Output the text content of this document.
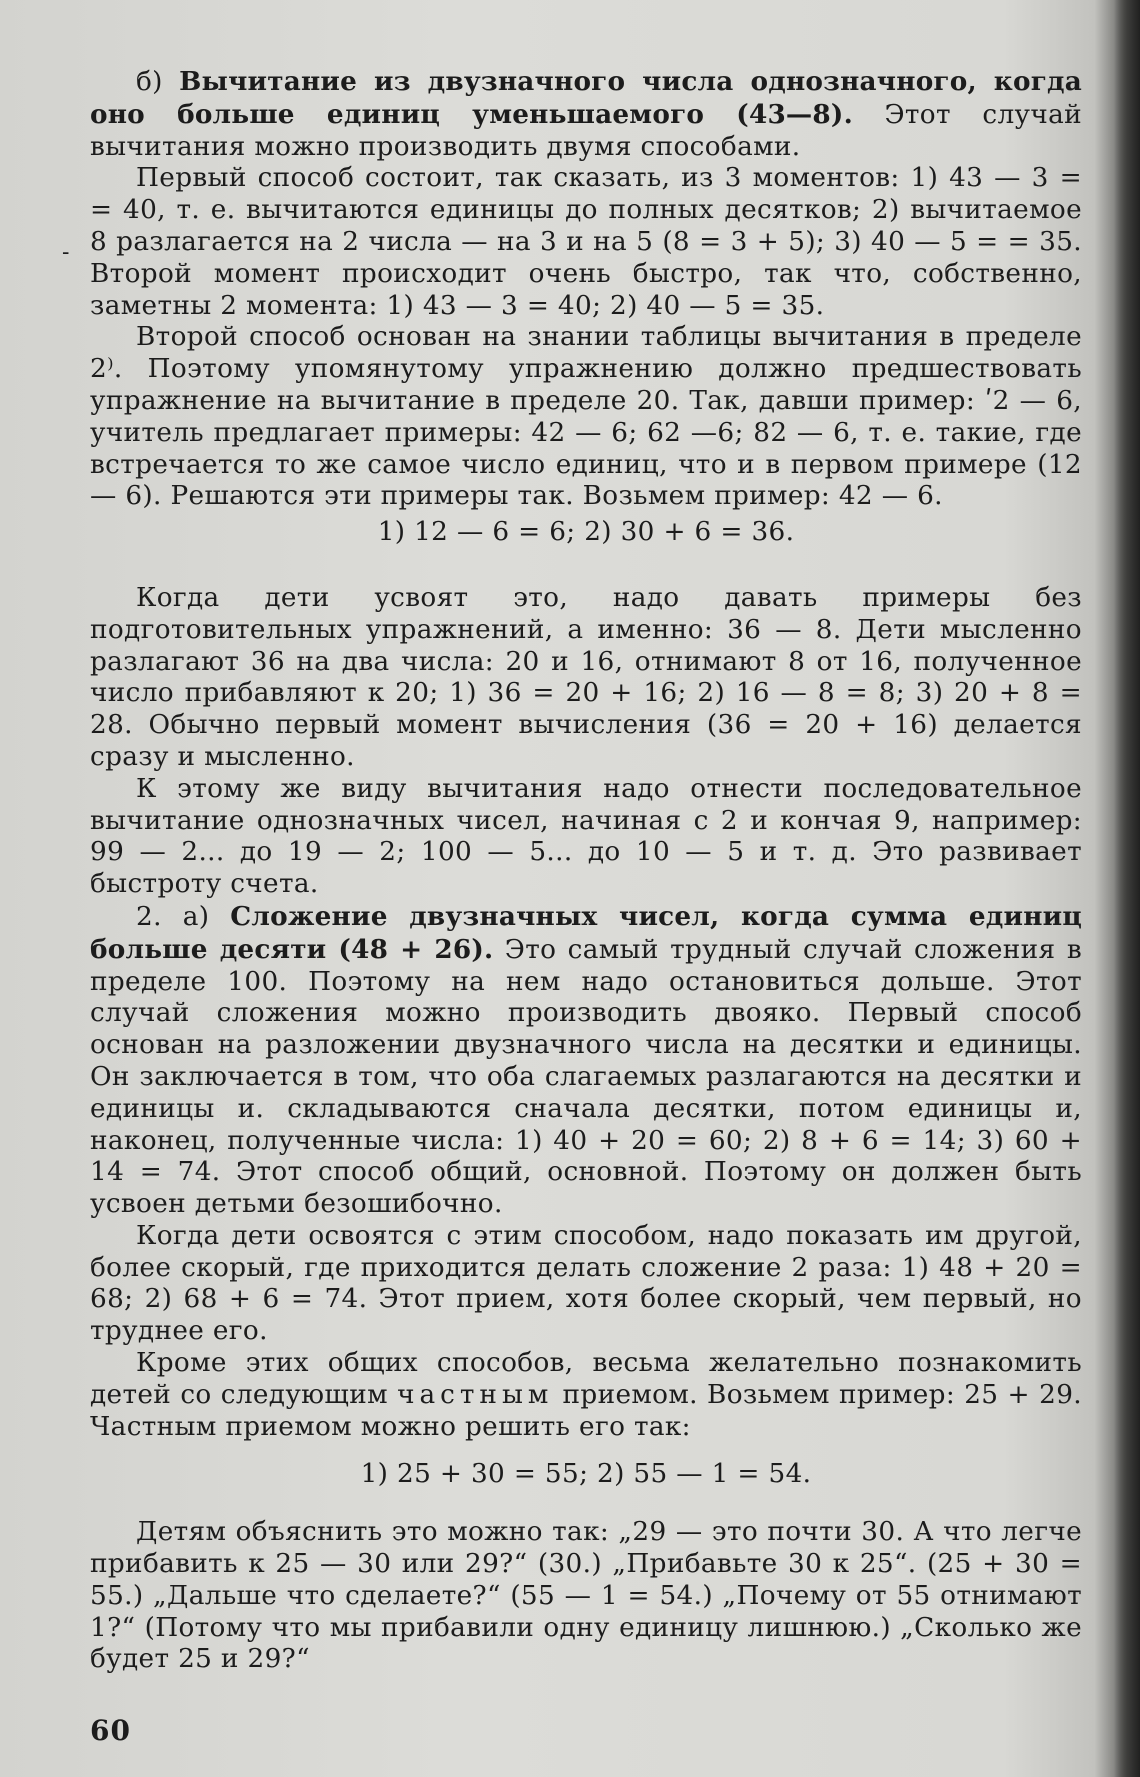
-

б) Вычитание из двузначного числа однозначного, когда оно больше единиц уменьшаемого (43—8). Этот случай вычитания можно производить двумя способами.

Первый способ состоит, так сказать, из 3 моментов: 1) 43 — 3 = = 40, т. е. вычитаются единицы до полных десятков; 2) вычитаемое 8 разлагается на 2 числа — на 3 и на 5 (8 = 3 + 5); 3) 40 — 5 = = 35. Второй момент происходит очень быстро, так что, собственно, заметны 2 момента: 1) 43 — 3 = 40; 2) 40 — 5 = 35.

Второй способ основан на знании таблицы вычитания в пределе 2⁾. Поэтому упомянутому упражнению должно предшествовать упражнение на вычитание в пределе 20. Так, давши пример: ʹ2 — 6, учитель предлагает примеры: 42 — 6; 62 —6; 82 — 6, т. е. такие, где встречается то же самое число единиц, что и в первом примере (12 — 6). Решаются эти примеры так. Возьмем пример: 42 — 6.

1) 12 — 6 = 6; 2) 30 + 6 = 36.

Когда дети усвоят это, надо давать примеры без подготовительных упражнений, а именно: 36 — 8. Дети мысленно разлагают 36 на два числа: 20 и 16, отнимают 8 от 16, полученное число прибавляют к 20; 1) 36 = 20 + 16; 2) 16 — 8 = 8; 3) 20 + 8 = 28. Обычно первый момент вычисления (36 = 20 + 16) делается сразу и мысленно.

К этому же виду вычитания надо отнести последовательное вычитание однозначных чисел, начиная с 2 и кончая 9, например: 99 — 2... до 19 — 2; 100 — 5... до 10 — 5 и т. д. Это развивает быстроту счета.

2. а) Сложение двузначных чисел, когда сумма единиц больше десяти (48 + 26). Это самый трудный случай сложения в пределе 100. Поэтому на нем надо остановиться дольше. Этот случай сложения можно производить двояко. Первый способ основан на разложении двузначного числа на десятки и единицы. Он заключается в том, что оба слагаемых разлагаются на десятки и единицы и. складываются сначала десятки, потом единицы и, наконец, полученные числа: 1) 40 + 20 = 60; 2) 8 + 6 = 14; 3) 60 + 14 = 74. Этот способ общий, основной. Поэтому он должен быть усвоен детьми безошибочно.

Когда дети освоятся с этим способом, надо показать им другой, более скорый, где приходится делать сложение 2 раза: 1) 48 + 20 = 68; 2) 68 + 6 = 74. Этот прием, хотя более скорый, чем первый, но труднее его.

Кроме этих общих способов, весьма желательно познакомить детей со следующим частным приемом. Возьмем пример: 25 + 29. Частным приемом можно решить его так:

1) 25 + 30 = 55; 2) 55 — 1 = 54.

Детям объяснить это можно так: „29 — это почти 30. А что легче прибавить к 25 — 30 или 29?“ (30.) „Прибавьте 30 к 25“. (25 + 30 = 55.) „Дальше что сделаете?“ (55 — 1 = 54.) „Почему от 55 отнимают 1?“ (Потому что мы прибавили одну единицу лишнюю.) „Сколько же будет 25 и 29?“

60
